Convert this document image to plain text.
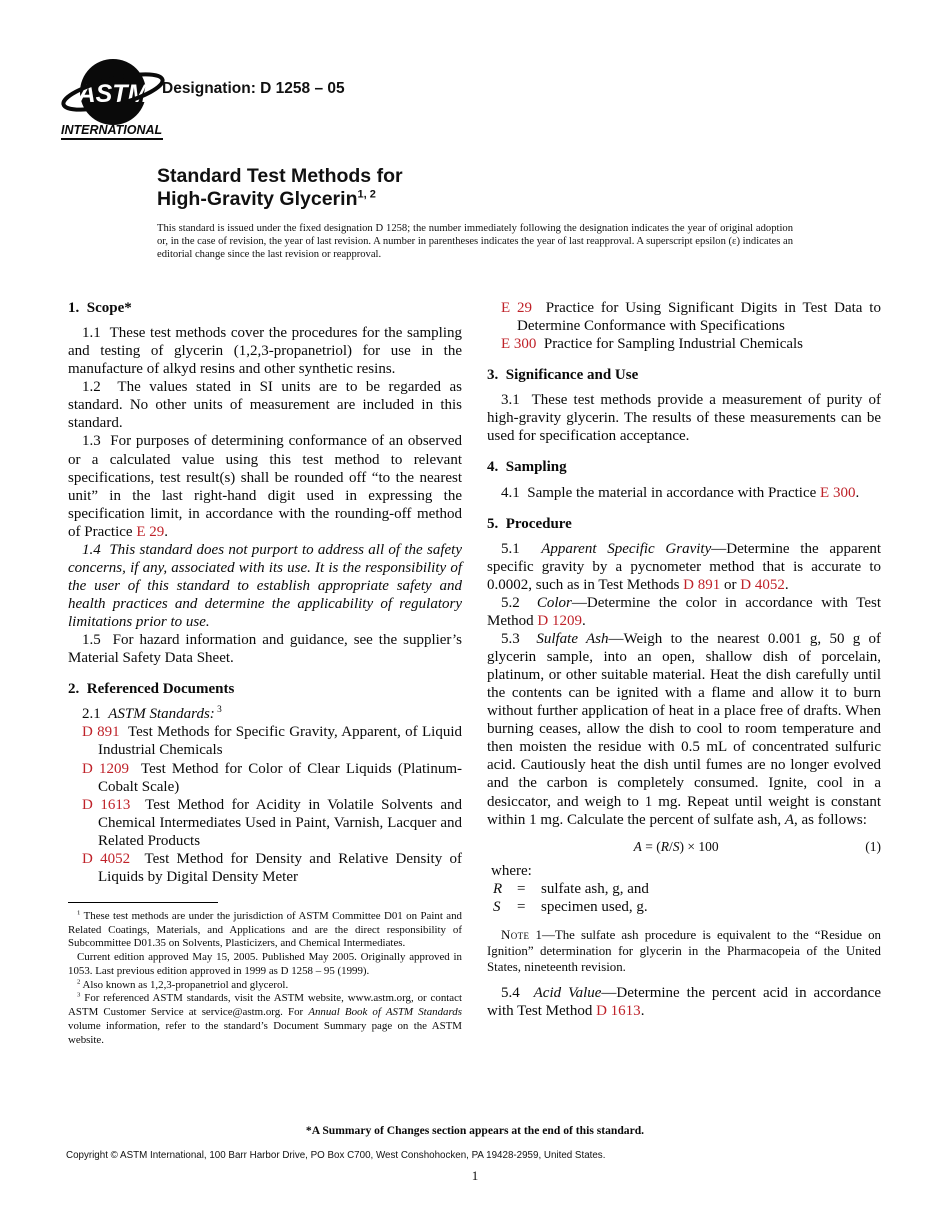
ASTM
INTERNATIONAL
Designation: D 1258 – 05
Standard Test Methods for
High-Gravity Glycerin$^{1, 2}$

This standard is issued under the fixed designation D 1258; the number immediately following the designation indicates the year of original adoption or, in the case of revision, the year of last revision. A number in parentheses indicates the year of last reapproval. A superscript epsilon (ε) indicates an editorial change since the last revision or reapproval.

1.  Scope*

1.1  These test methods cover the procedures for the sampling and testing of glycerin (1,2,3-propanetriol) for use in the manufacture of alkyd resins and other synthetic resins.

1.2  The values stated in SI units are to be regarded as standard. No other units of measurement are included in this standard.

1.3  For purposes of determining conformance of an observed or a calculated value using this test method to relevant specifications, test result(s) shall be rounded off “to the nearest unit” in the last right-hand digit used in expressing the specification limit, in accordance with the rounding-off method of Practice E 29.

1.4  This standard does not purport to address all of the safety concerns, if any, associated with its use. It is the responsibility of the user of this standard to establish appropriate safety and health practices and determine the applicability of regulatory limitations prior to use.

1.5  For hazard information and guidance, see the supplier’s Material Safety Data Sheet.

2.  Referenced Documents

2.1  ASTM Standards: $^3$

D 891  Test Methods for Specific Gravity, Apparent, of Liquid Industrial Chemicals

D 1209  Test Method for Color of Clear Liquids (Platinum-Cobalt Scale)

D 1613  Test Method for Acidity in Volatile Solvents and Chemical Intermediates Used in Paint, Varnish, Lacquer and Related Products

D 4052  Test Method for Density and Relative Density of Liquids by Digital Density Meter

$^1$ These test methods are under the jurisdiction of ASTM Committee D01 on Paint and Related Coatings, Materials, and Applications and are the direct responsibility of Subcommittee D01.35 on Solvents, Plasticizers, and Chemical Intermediates.

Current edition approved May 15, 2005. Published May 2005. Originally approved in 1053. Last previous edition approved in 1999 as D 1258 – 95 (1999).

$^2$ Also known as 1,2,3-propanetriol and glycerol.

$^3$ For referenced ASTM standards, visit the ASTM website, www.astm.org, or contact ASTM Customer Service at service@astm.org. For Annual Book of ASTM Standards volume information, refer to the standard’s Document Summary page on the ASTM website.

E 29  Practice for Using Significant Digits in Test Data to Determine Conformance with Specifications

E 300  Practice for Sampling Industrial Chemicals

3.  Significance and Use

3.1  These test methods provide a measurement of purity of high-gravity glycerin. The results of these measurements can be used for specification acceptance.

4.  Sampling

4.1  Sample the material in accordance with Practice E 300.

5.  Procedure

5.1  Apparent Specific Gravity—Determine the apparent specific gravity by a pycnometer method that is accurate to 0.0002, such as in Test Methods D 891 or D 4052.

5.2  Color—Determine the color in accordance with Test Method D 1209.

5.3  Sulfate Ash—Weigh to the nearest 0.001 g, 50 g of glycerin sample, into an open, shallow dish of porcelain, platinum, or other suitable material. Heat the dish carefully until the contents can be ignited with a flame and allow it to burn without further application of heat in a place free of drafts. When burning ceases, allow the dish to cool to room temperature and then moisten the residue with 0.5 mL of concentrated sulfuric acid. Cautiously heat the dish until fumes are no longer evolved and the carbon is completely consumed. Ignite, cool in a desiccator, and weigh to 1 mg. Repeat until weight is constant within 1 mg. Calculate the percent of sulfate ash, A, as follows:

A = (R/S) × 100	(1)

where:

R =	sulfate ash, g, and
S	=	specimen used, g.

Note 1—The sulfate ash procedure is equivalent to the “Residue on Ignition” determination for glycerin in the Pharmacopeia of the United States, nineteenth revision.

5.4  Acid Value—Determine the percent acid in accordance with Test Method D 1613.

*A Summary of Changes section appears at the end of this standard.

Copyright © ASTM International, 100 Barr Harbor Drive, PO Box C700, West Conshohocken, PA 19428-2959, United States.

1
